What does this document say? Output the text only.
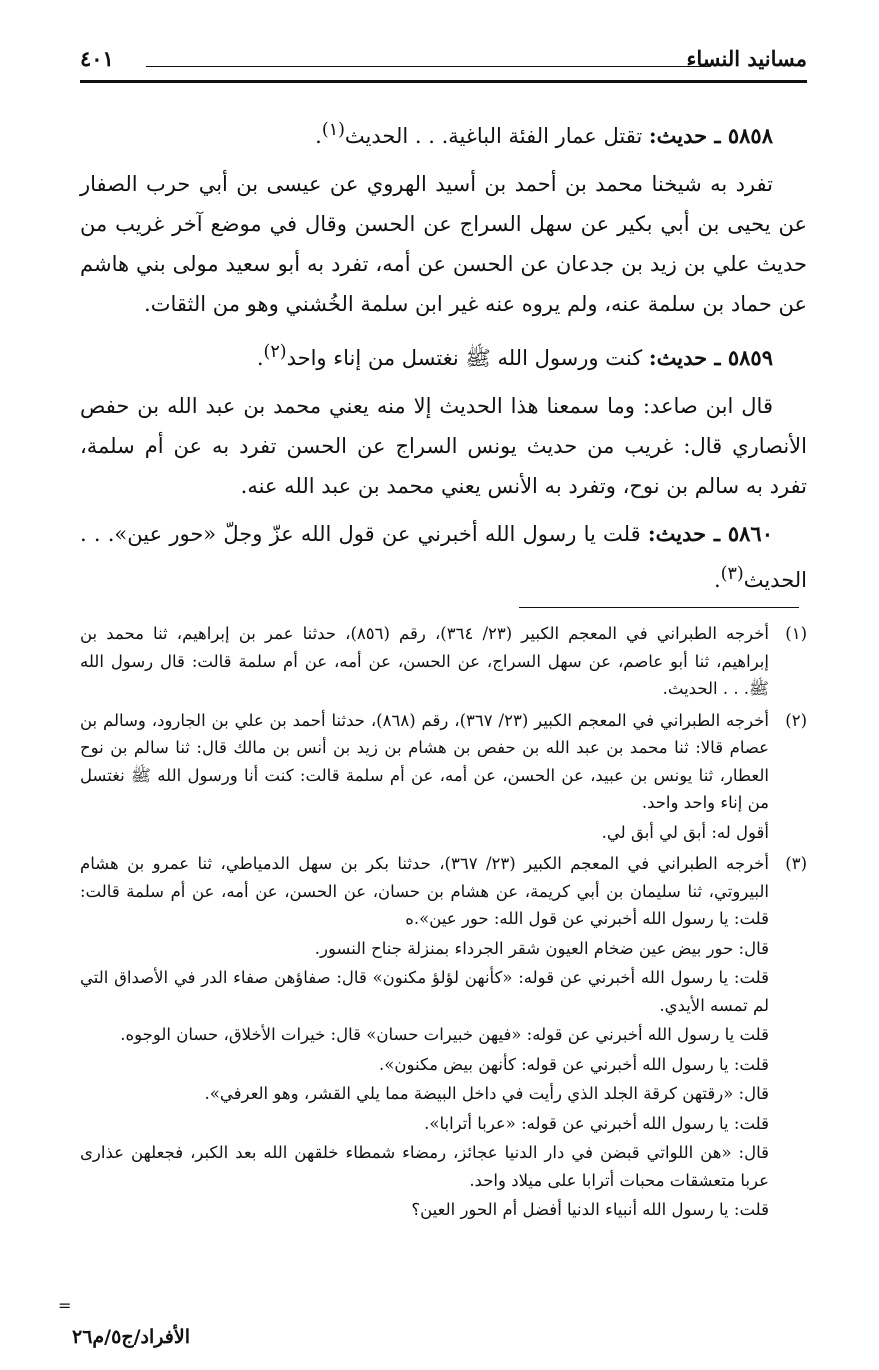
مسانيد النساء
٤٠١

٥٨٥٨ ـ حديث: تقتل عمار الفئة الباغية. . . الحديث$^{(١)}$.

تفرد به شيخنا محمد بن أحمد بن أسيد الهروي عن عيسى بن أبي حرب الصفار عن يحيى بن أبي بكير عن سهل السراج عن الحسن وقال في موضع آخر غريب من حديث علي بن زيد بن جدعان عن الحسن عن أمه، تفرد به أبو سعيد مولى بني هاشم عن حماد بن سلمة عنه، ولم يروه عنه غير ابن سلمة الخُشني وهو من الثقات.

٥٨٥٩ ـ حديث: كنت ورسول الله ﷺ نغتسل من إناء واحد$^{(٢)}$.

قال ابن صاعد: وما سمعنا هذا الحديث إلا منه يعني محمد بن عبد الله بن حفص الأنصاري قال: غريب من حديث يونس السراج عن الحسن تفرد به عن أم سلمة، تفرد به سالم بن نوح، وتفرد به الأنس يعني محمد بن عبد الله عنه.

٥٨٦٠ ـ حديث: قلت يا رسول الله أخبرني عن قول الله عزّ وجلّ «حور عين». . . الحديث$^{(٣)}$.

(١)

أخرجه الطبراني في المعجم الكبير (٢٣/ ٣٦٤)، رقم (٨٥٦)، حدثنا عمر بن إبراهيم، ثنا محمد بن إبراهيم، ثنا أبو عاصم، عن سهل السراج، عن الحسن، عن أمه، عن أم سلمة قالت: قال رسول الله ﷺ. . . الحديث.

(٢)

أخرجه الطبراني في المعجم الكبير (٢٣/ ٣٦٧)، رقم (٨٦٨)، حدثنا أحمد بن علي بن الجارود، وسالم بن عصام قالا: ثنا محمد بن عبد الله بن حفص بن هشام بن زيد بن أنس بن مالك قال: ثنا سالم بن نوح العطار، ثنا يونس بن عبيد، عن الحسن، عن أمه، عن أم سلمة قالت: كنت أنا ورسول الله ﷺ نغتسل من إناء واحد واحد.

أقول له: أبق لي أبق لي.

(٣)

أخرجه الطبراني في المعجم الكبير (٢٣/ ٣٦٧)، حدثنا بكر بن سهل الدمياطي، ثنا عمرو بن هشام البيروتي، ثنا سليمان بن أبي كريمة، عن هشام بن حسان، عن الحسن، عن أمه، عن أم سلمة قالت: قلت: يا رسول الله أخبرني عن قول الله: حور عين».ه

قال: حور بيض عين ضخام العيون شقر الجرداء بمنزلة جناح النسور.

قلت: يا رسول الله أخبرني عن قوله: «كأنهن لؤلؤ مكنون» قال: صفاؤهن صفاء الدر في الأصداق التي لم تمسه الأيدي.

قلت يا رسول الله أخبرني عن قوله: «فيهن خبيرات حسان» قال: خيرات الأخلاق، حسان الوجوه.

قلت: يا رسول الله أخبرني عن قوله: كأنهن بيض مكنون».

قال: «رقتهن كرقة الجلد الذي رأيت في داخل البيضة مما يلي القشر، وهو العرفي».

قلت: يا رسول الله أخبرني عن قوله: «عربا أترابا».

قال: «هن اللواتي قبضن في دار الدنيا عجائز، رمضاء شمطاء خلقهن الله بعد الكبر، فجعلهن عذارى عربا متعشقات محبات أترابا على ميلاد واحد.

قلت: يا رسول الله أنبياء الدنيا أفضل أم الحور العين؟

=
الأفراد/ج٥/م٢٦
